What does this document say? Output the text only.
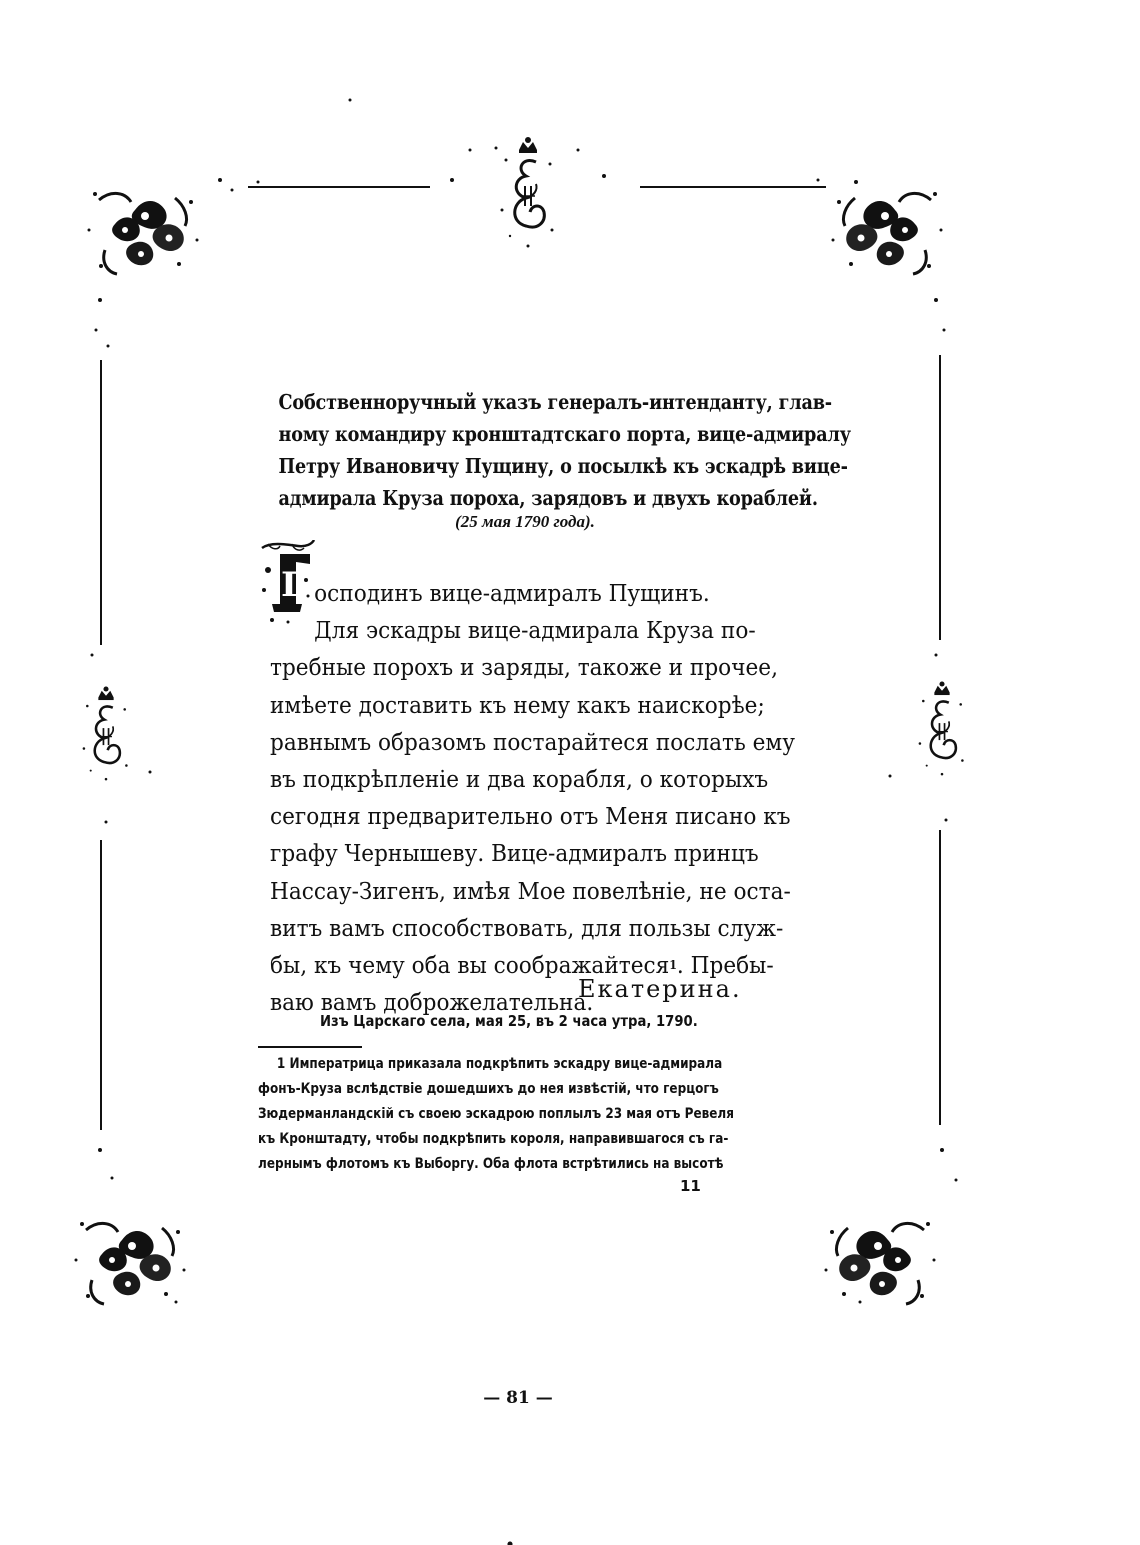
Собственноручный указъ генералъ-интенданту, глав-
ному командиру кронштадтскаго порта, вице-адмиралу
Петру Ивановичу Пущину, о посылкѣ къ эскадрѣ вице-
адмирала Круза пороха, зарядовъ и двухъ кораблей.
(25 мая 1790 года).
Г осподинъ вице-адмиралъ Пущинъ.
Для эскадры вице-адмирала Круза по-
требные порохъ и заряды, такоже и прочее,
имѣете доставить къ нему какъ наискорѣе;
равнымъ образомъ постарайтеся послать ему
въ подкрѣпленіе и два корабля, о которыхъ
сегодня предварительно отъ Меня писано къ
графу Чернышеву. Вице-адмиралъ принцъ
Нассау-Зигенъ, имѣя Мое повелѣніе, не оста-
витъ вамъ способствовать, для пользы служ-
бы, къ чему оба вы соображайтеся 1 . Пребы-
ваю вамъ доброжелательна.
Екатерина.
Изъ Царскаго села, мая 25, въ 2 часа утра, 1790.
1 Императрица приказала подкрѣпить эскадру вице-адмирала
фонъ-Круза вслѣдствіе дошедшихъ до нея извѣстій, что герцогъ
Зюдерманландскій съ своею эскадрою поплылъ 23 мая отъ Ревеля
къ Кронштадту, чтобы подкрѣпить короля, направившагося съ га-
лернымъ флотомъ къ Выборгу. Оба флота встрѣтились на высотѣ
11
— 81 —
